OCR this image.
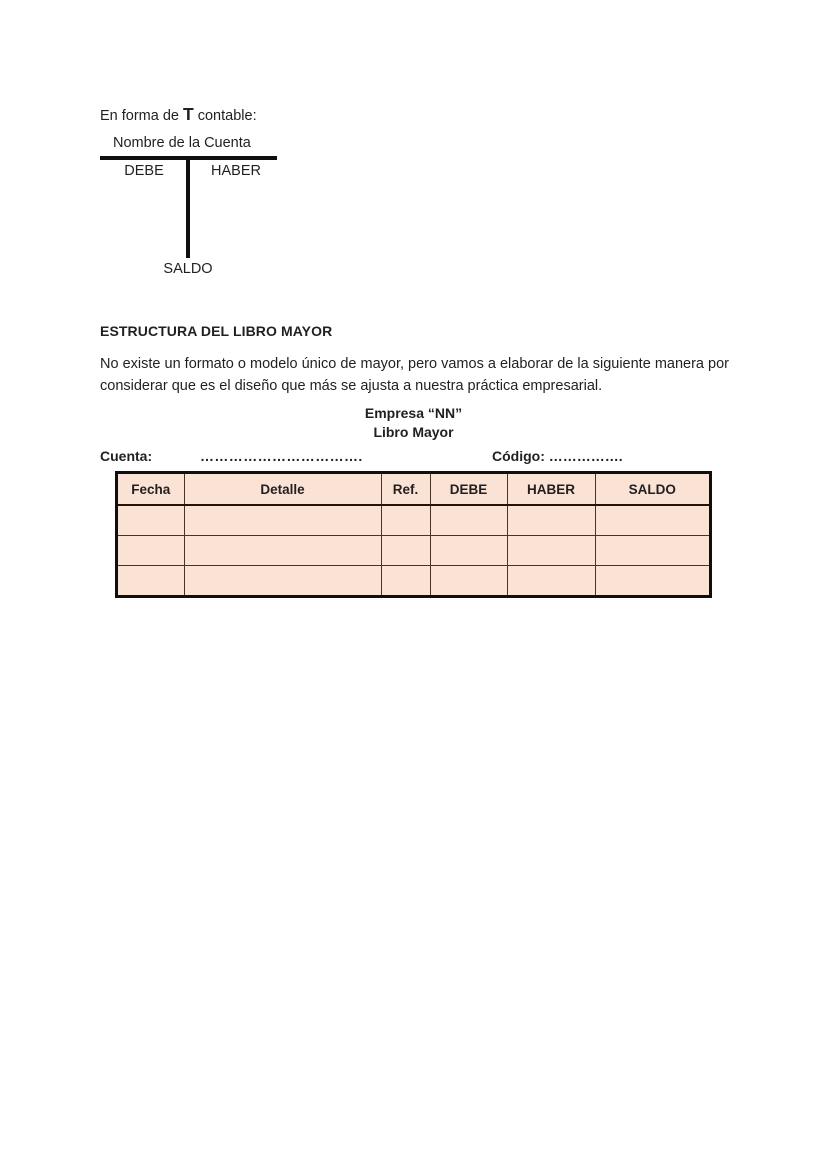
En forma de T contable:
Nombre de la Cuenta
DEBE	HABER
SALDO
ESTRUCTURA DEL LIBRO MAYOR
No existe un formato o modelo único de mayor, pero vamos a elaborar de la siguiente manera por considerar que es el diseño que más se ajusta a nuestra práctica empresarial.
Empresa “NN”
Libro Mayor
Cuenta:	…………………………….	Código: …………….
Fecha	Detalle	Ref.	DEBE	HABER	SALDO
